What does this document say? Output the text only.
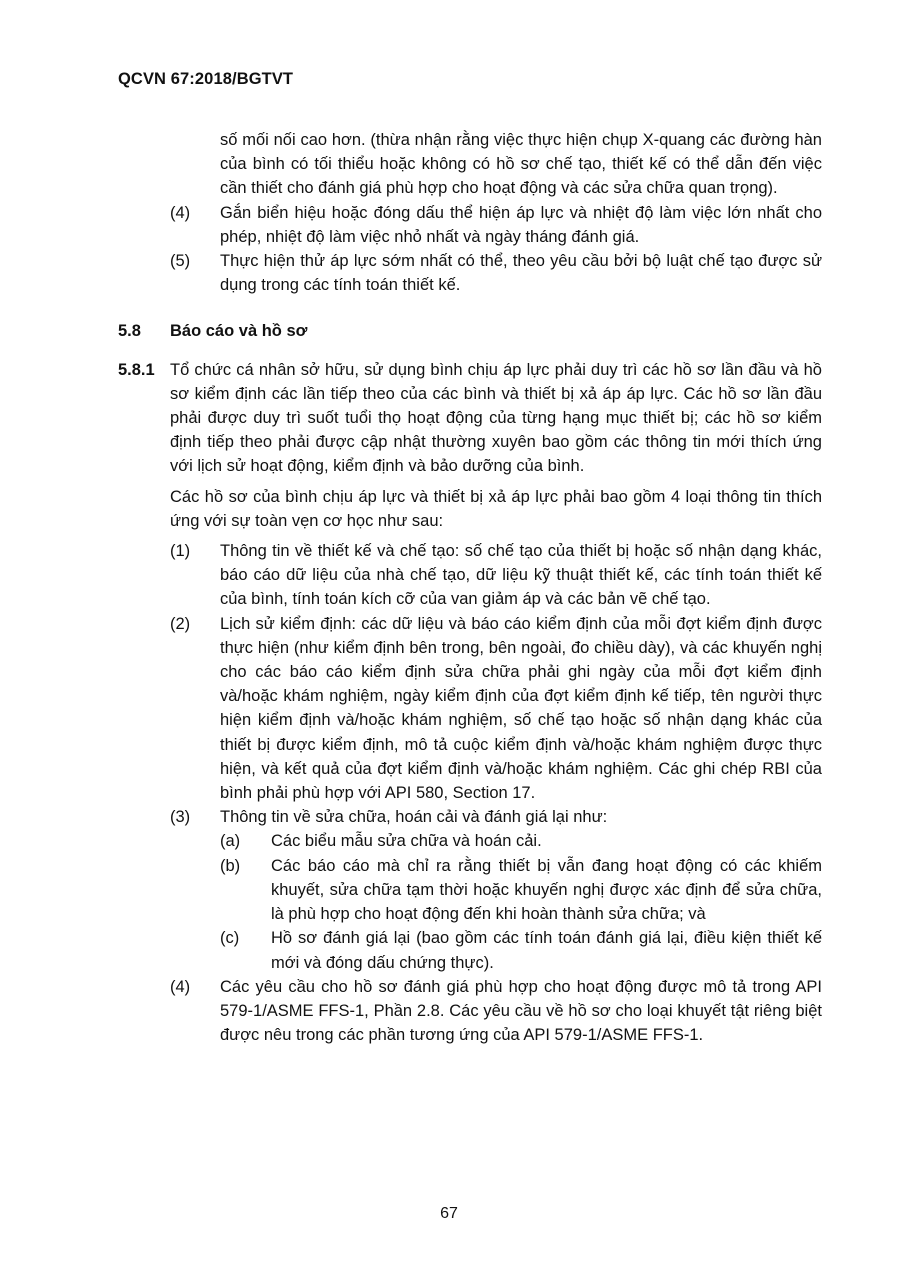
QCVN 67:2018/BGTVT

số mối nối cao hơn. (thừa nhận rằng việc thực hiện chụp X-quang các đường hàn của bình có tối thiểu hoặc không có hồ sơ chế tạo, thiết kế có thể dẫn đến việc cần thiết cho đánh giá phù hợp cho hoạt động và các sửa chữa quan trọng).

(4)	Gắn biển hiệu hoặc đóng dấu thể hiện áp lực và nhiệt độ làm việc lớn nhất cho phép, nhiệt độ làm việc nhỏ nhất và ngày tháng đánh giá.

(5)	Thực hiện thử áp lực sớm nhất có thể, theo yêu cầu bởi bộ luật chế tạo được sử dụng trong các tính toán thiết kế.

5.8	Báo cáo và hồ sơ
5.8.1 Tổ chức cá nhân sở hữu, sử dụng bình chịu áp lực phải duy trì các hồ sơ lần đầu và hồ sơ kiểm định các lần tiếp theo của các bình và thiết bị xả áp áp lực. Các hồ sơ lần đầu phải được duy trì suốt tuổi thọ hoạt động của từng hạng mục thiết bị; các hồ sơ kiểm định tiếp theo phải được cập nhật thường xuyên bao gồm các thông tin mới thích ứng với lịch sử hoạt động, kiểm định và bảo dưỡng của bình.

Các hồ sơ của bình chịu áp lực và thiết bị xả áp lực phải bao gồm 4 loại thông tin thích ứng với sự toàn vẹn cơ học như sau:

(1)	Thông tin về thiết kế và chế tạo: số chế tạo của thiết bị hoặc số nhận dạng khác, báo cáo dữ liệu của nhà chế tạo, dữ liệu kỹ thuật thiết kế, các tính toán thiết kế của bình, tính toán kích cỡ của van giảm áp và các bản vẽ chế tạo.

(2)	Lịch sử kiểm định: các dữ liệu và báo cáo kiểm định của mỗi đợt kiểm định được thực hiện (như kiểm định bên trong, bên ngoài, đo chiều dày), và các khuyến nghị cho các báo cáo kiểm định sửa chữa phải ghi ngày của mỗi đợt kiểm định và/hoặc khám nghiệm, ngày kiểm định của đợt kiểm định kế tiếp, tên người thực hiện kiểm định và/hoặc khám nghiệm, số chế tạo hoặc số nhận dạng khác của thiết bị được kiểm định, mô tả cuộc kiểm định và/hoặc khám nghiệm được thực hiện, và kết quả của đợt kiểm định và/hoặc khám nghiệm. Các ghi chép RBI của bình phải phù hợp với API 580, Section 17.

(3)	Thông tin về sửa chữa, hoán cải và đánh giá lại như:

(a)	Các biểu mẫu sửa chữa và hoán cải.

(b)	Các báo cáo mà chỉ ra rằng thiết bị vẫn đang hoạt động có các khiếm khuyết, sửa chữa tạm thời hoặc khuyến nghị được xác định để sửa chữa, là phù hợp cho hoạt động đến khi hoàn thành sửa chữa; và

(c)	Hồ sơ đánh giá lại (bao gồm các tính toán đánh giá lại, điều kiện thiết kế mới và đóng dấu chứng thực).

(4)	Các yêu cầu cho hồ sơ đánh giá phù hợp cho hoạt động được mô tả trong API 579-1/ASME FFS-1, Phần 2.8. Các yêu cầu về hồ sơ cho loại khuyết tật riêng biệt được nêu trong các phần tương ứng của API 579-1/ASME FFS-1.

67
